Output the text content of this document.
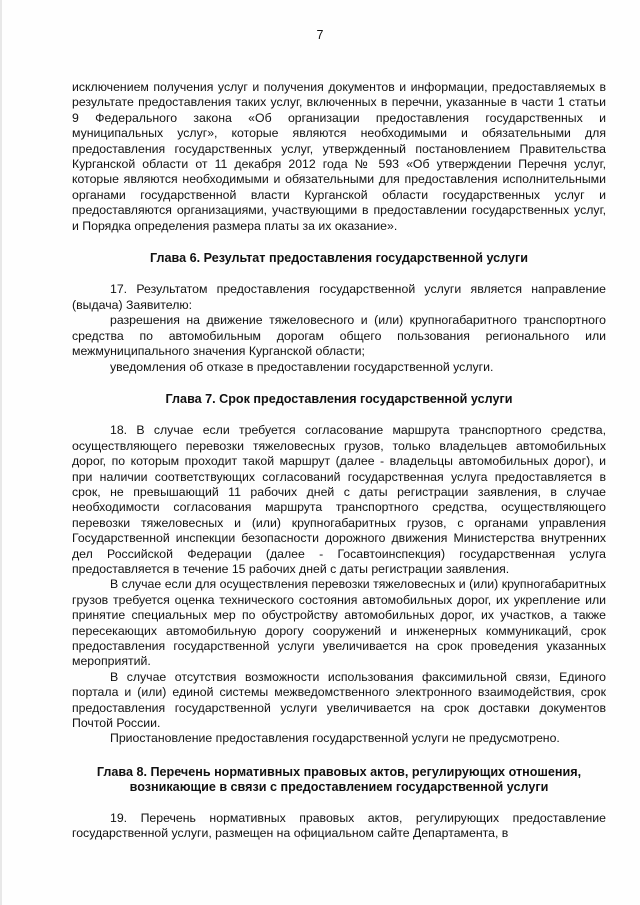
7

исключением получения услуг и получения документов и информации, предоставляемых в результате предоставления таких услуг, включенных в перечни, указанные в части 1 статьи 9 Федерального закона «Об организации предоставления государственных и муниципальных услуг», которые являются необходимыми и обязательными для предоставления государственных услуг, утвержденный постановлением Правительства Курганской области от 11 декабря 2012 года № 593 «Об утверждении Перечня услуг, которые являются необходимыми и обязательными для предоставления исполнительными органами государственной власти Курганской области государственных услуг и предоставляются организациями, участвующими в предоставлении государственных услуг, и Порядка определения размера платы за их оказание».

Глава 6. Результат предоставления государственной услуги

17. Результатом предоставления государственной услуги является направление (выдача) Заявителю:

разрешения на движение тяжеловесного и (или) крупногабаритного транспортного средства по автомобильным дорогам общего пользования регионального или межмуниципального значения Курганской области;

уведомления об отказе в предоставлении государственной услуги.

Глава 7. Срок предоставления государственной услуги

18. В случае если требуется согласование маршрута транспортного средства, осуществляющего перевозки тяжеловесных грузов, только владельцев автомобильных дорог, по которым проходит такой маршрут (далее - владельцы автомобильных дорог), и при наличии соответствующих согласований государственная услуга предоставляется в срок, не превышающий 11 рабочих дней с даты регистрации заявления, в случае необходимости согласования маршрута транспортного средства, осуществляющего перевозки тяжеловесных и (или) крупногабаритных грузов, с органами управления Государственной инспекции безопасности дорожного движения Министерства внутренних дел Российской Федерации (далее - Госавтоинспекция) государственная услуга предоставляется в течение 15 рабочих дней с даты регистрации заявления.

В случае если для осуществления перевозки тяжеловесных и (или) крупногабаритных грузов требуется оценка технического состояния автомобильных дорог, их укрепление или принятие специальных мер по обустройству автомобильных дорог, их участков, а также пересекающих автомобильную дорогу сооружений и инженерных коммуникаций, срок предоставления государственной услуги увеличивается на срок проведения указанных мероприятий.

В случае отсутствия возможности использования факсимильной связи, Единого портала и (или) единой системы межведомственного электронного взаимодействия, срок предоставления государственной услуги увеличивается на срок доставки документов Почтой России.

Приостановление предоставления государственной услуги не предусмотрено.

Глава 8. Перечень нормативных правовых актов, регулирующих отношения,

возникающие в связи с предоставлением государственной услуги

19. Перечень нормативных правовых актов, регулирующих предоставление государственной услуги, размещен на официальном сайте Департамента, в
